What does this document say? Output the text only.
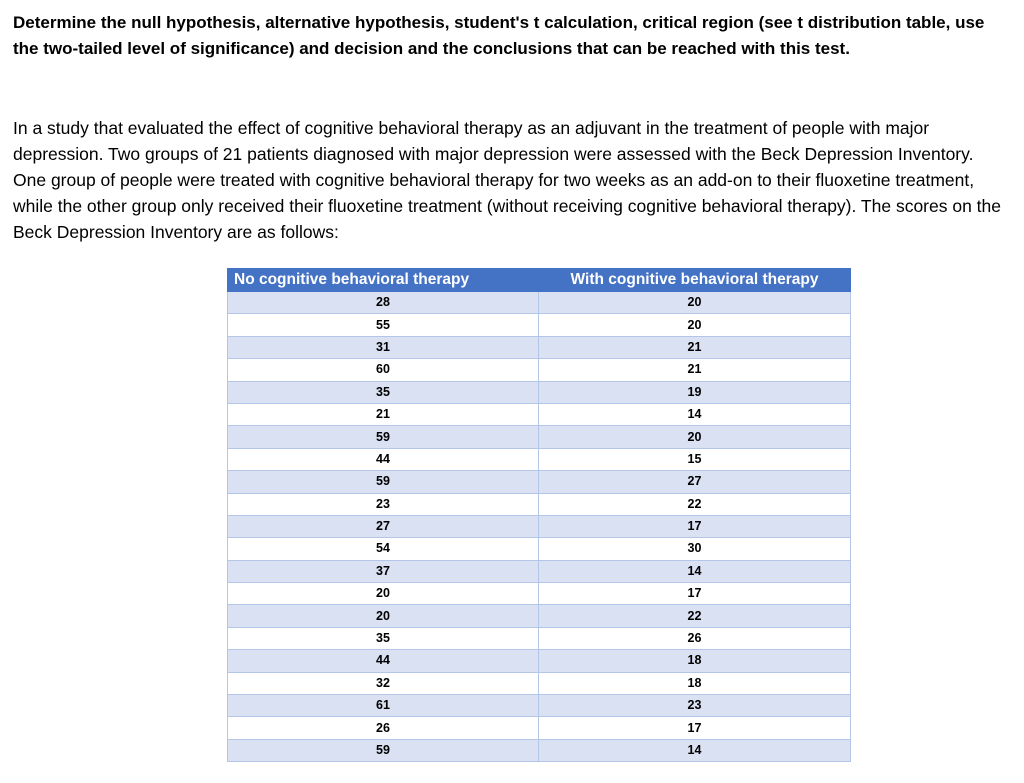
Determine the null hypothesis, alternative hypothesis, student's t calculation, critical region (see t distribution table, use the two-tailed level of significance) and decision and the conclusions that can be reached with this test.

In a study that evaluated the effect of cognitive behavioral therapy as an adjuvant in the treatment of people with major depression. Two groups of 21 patients diagnosed with major depression were assessed with the Beck Depression Inventory. One group of people were treated with cognitive behavioral therapy for two weeks as an add-on to their fluoxetine treatment, while the other group only received their fluoxetine treatment (without receiving cognitive behavioral therapy). The scores on the Beck Depression Inventory are as follows:

No cognitive behavioral therapy	With cognitive behavioral therapy
28	20
55	20
31	21
60	21
35	19
21	14
59	20
44	15
59	27
23	22
27	17
54	30
37	14
20	17
20	22
35	26
44	18
32	18
61	23
26	17
59	14
